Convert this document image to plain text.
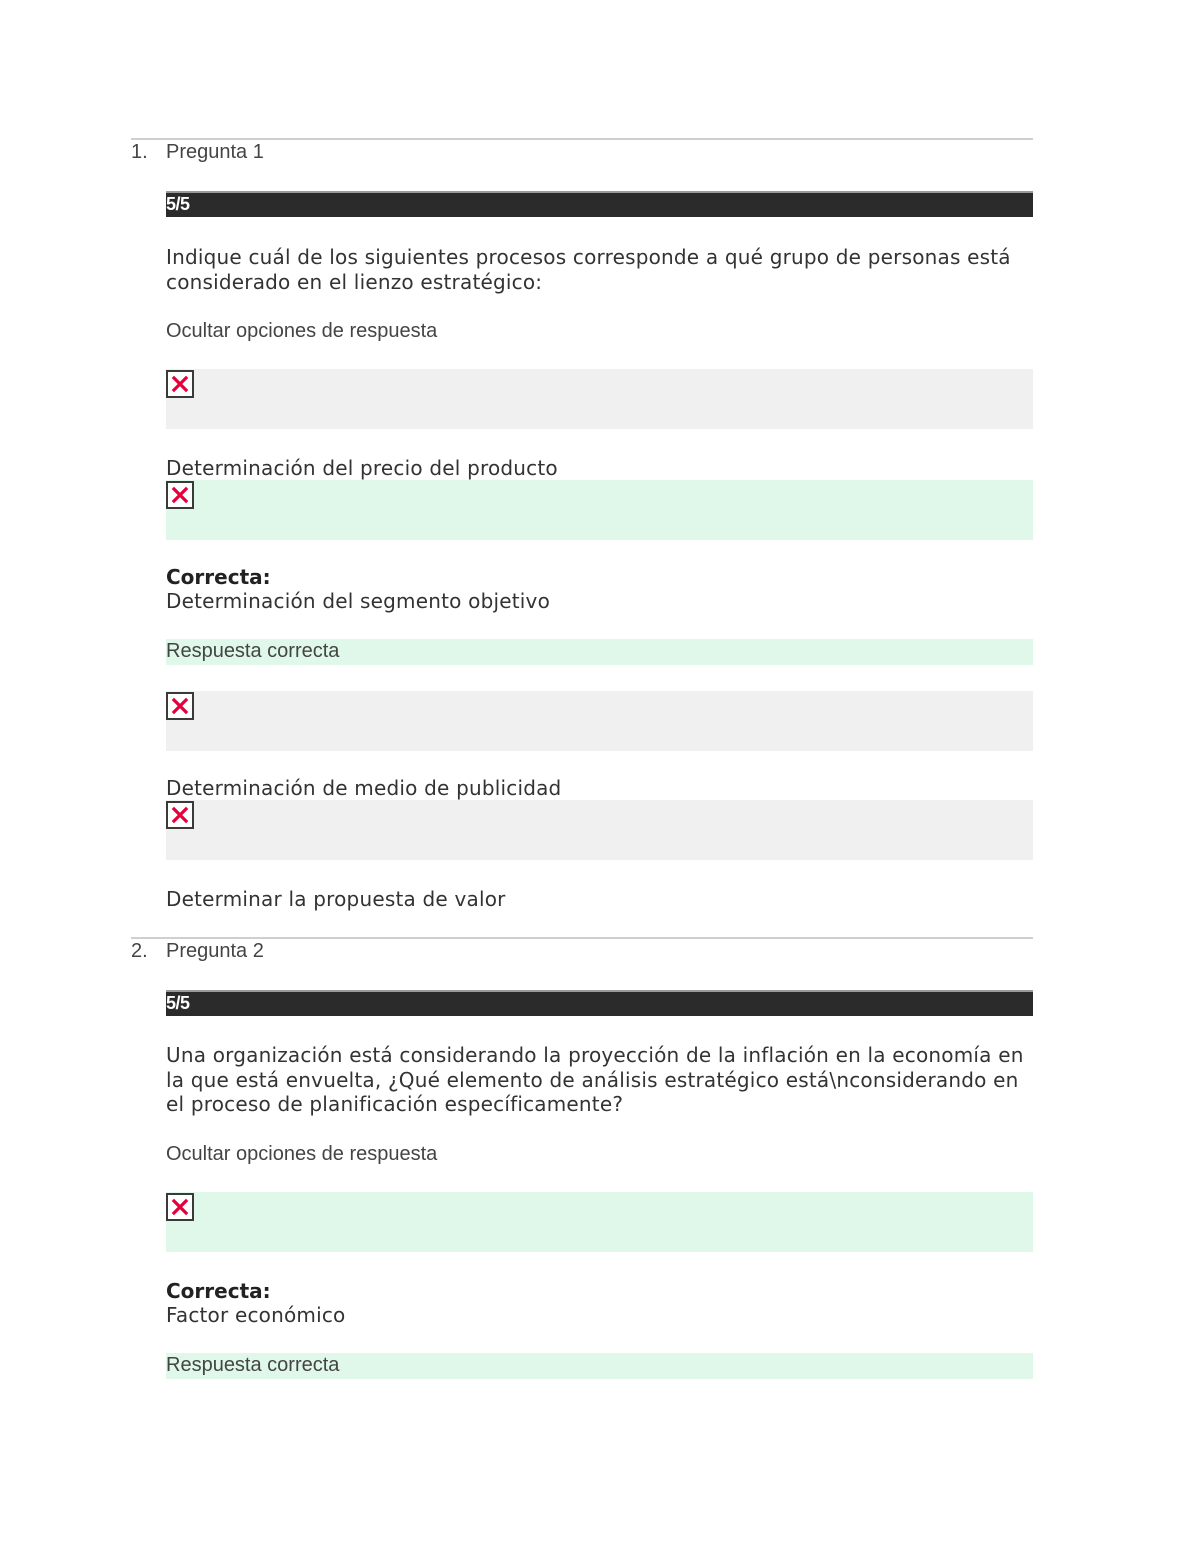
1. Pregunta 1
5/5
Indique cuál de los siguientes procesos corresponde a qué grupo de personas está considerado en el lienzo estratégico:
Ocultar opciones de respuesta
Determinación del precio del producto
Correcta:
Determinación del segmento objetivo
Respuesta correcta
Determinación de medio de publicidad
Determinar la propuesta de valor
2. Pregunta 2
5/5
Una organización está considerando la proyección de la inflación en la economía en la que está envuelta, ¿Qué elemento de análisis estratégico está\nconsiderando en el proceso de planificación específicamente?
Ocultar opciones de respuesta
Correcta:
Factor económico
Respuesta correcta
